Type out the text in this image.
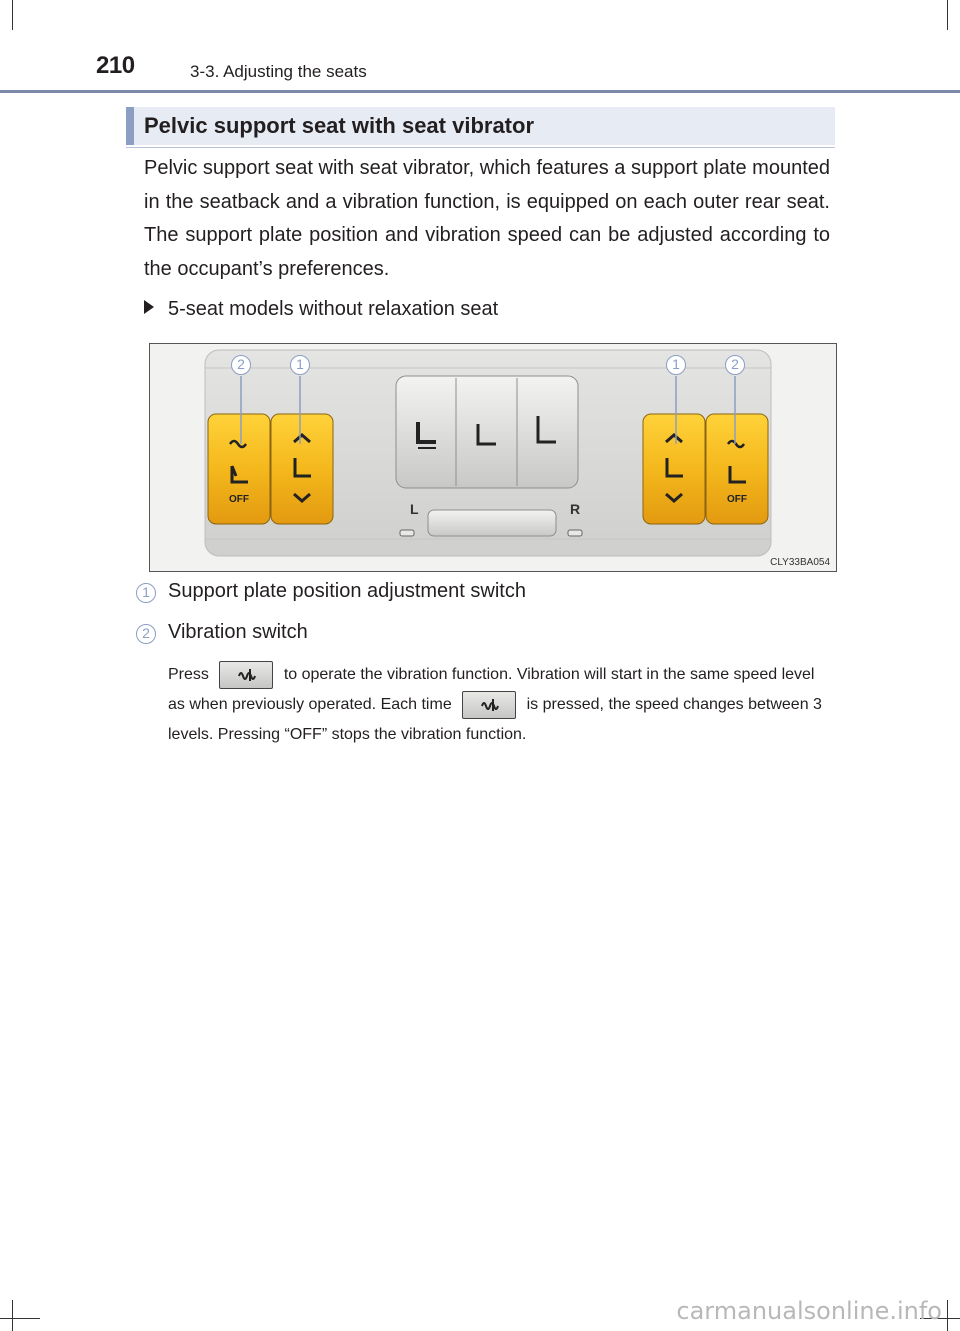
210	3-3. Adjusting the seats
Pelvic support seat with seat vibrator
Pelvic support seat with seat vibrator, which features a support plate mounted in the seatback and a vibration function, is equipped on each outer rear seat. The support plate position and vibration speed can be adjusted according to the occupant’s preferences.
5-seat models without relaxation seat
OFF
L	R
OFF
2	1	1	2
CLY33BA054
1 Support plate position adjustment switch
2 Vibration switch
Press	to operate the vibration function. Vibration will start in the same speed level as when previously operated. Each time	is pressed, the speed changes between 3 levels. Pressing “OFF” stops the vibration function.
carmanualsonline.info
